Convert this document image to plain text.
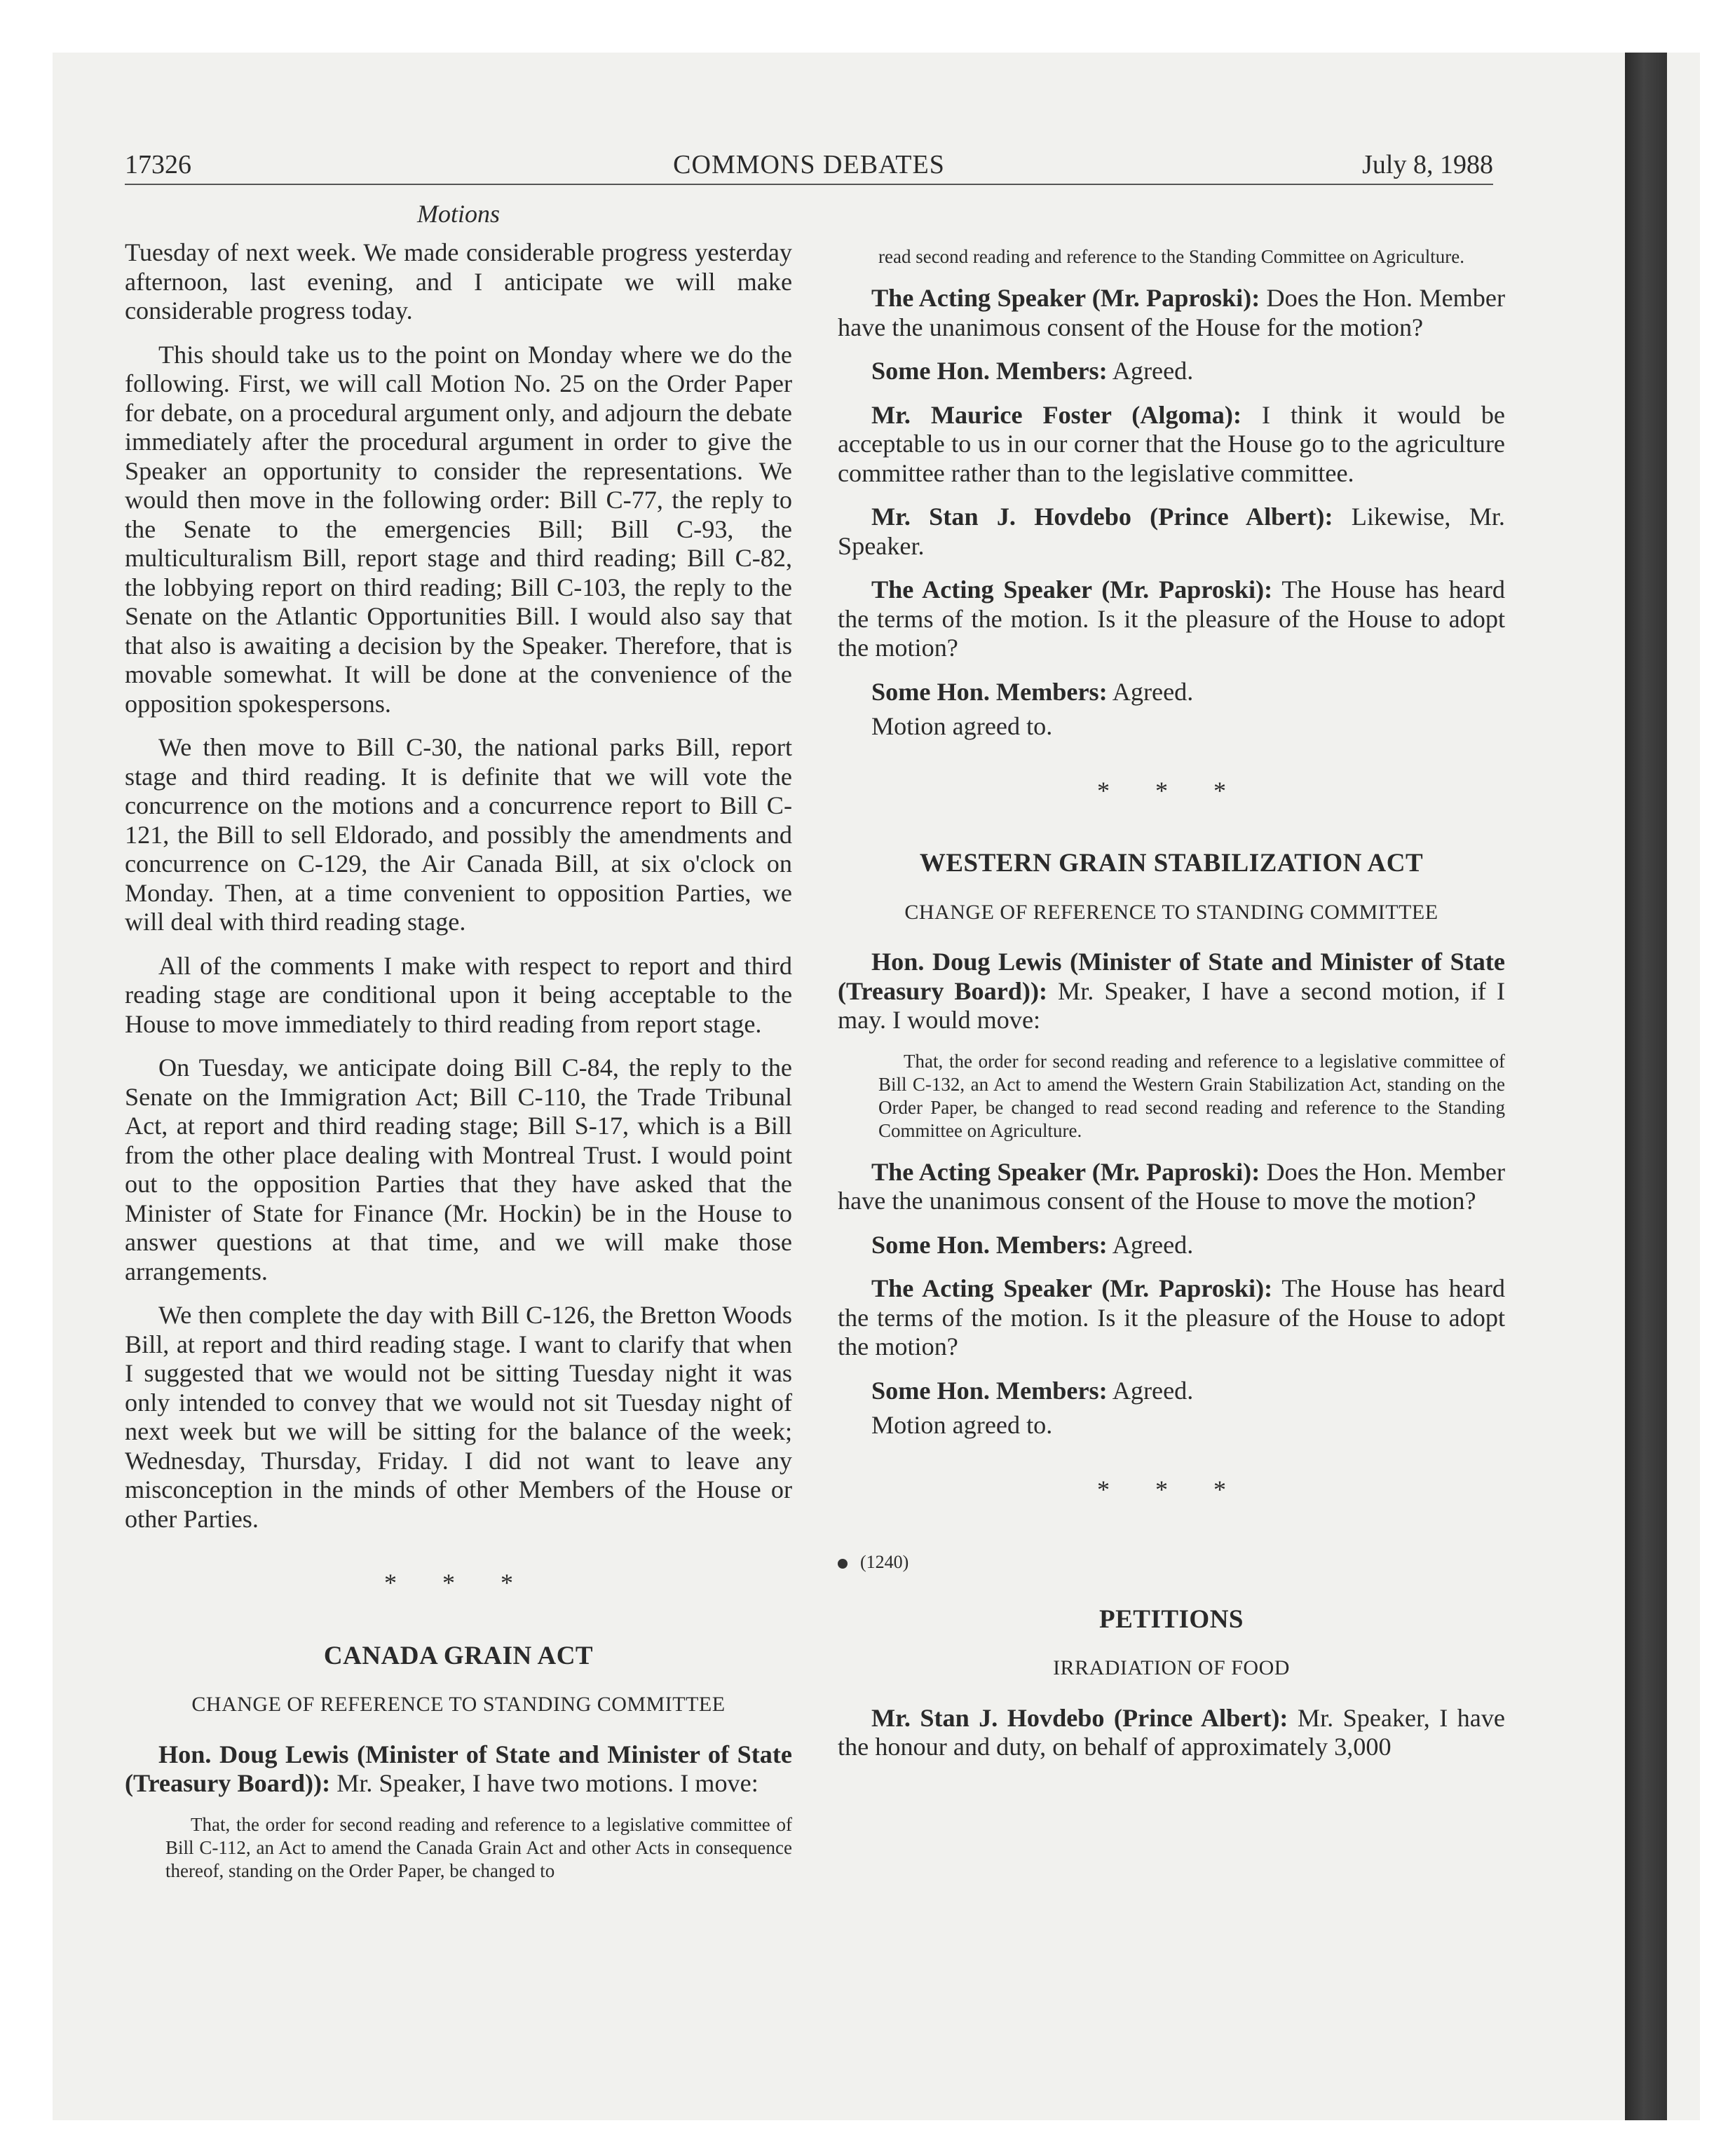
17326	COMMONS DEBATES	July 8, 1988
Motions

Tuesday of next week. We made considerable progress yesterday afternoon, last evening, and I anticipate we will make considerable progress today.

This should take us to the point on Monday where we do the following. First, we will call Motion No. 25 on the Order Paper for debate, on a procedural argument only, and adjourn the debate immediately after the procedural argument in order to give the Speaker an opportunity to consider the representations. We would then move in the following order: Bill C-77, the reply to the Senate to the emergencies Bill; Bill C-93, the multiculturalism Bill, report stage and third reading; Bill C-82, the lobbying report on third reading; Bill C-103, the reply to the Senate on the Atlantic Opportunities Bill. I would also say that that also is awaiting a decision by the Speaker. Therefore, that is movable somewhat. It will be done at the convenience of the opposition spokespersons.

We then move to Bill C-30, the national parks Bill, report stage and third reading. It is definite that we will vote the concurrence on the motions and a concurrence report to Bill C-121, the Bill to sell Eldorado, and possibly the amendments and concurrence on C-129, the Air Canada Bill, at six o'clock on Monday. Then, at a time convenient to opposition Parties, we will deal with third reading stage.

All of the comments I make with respect to report and third reading stage are conditional upon it being acceptable to the House to move immediately to third reading from report stage.

On Tuesday, we anticipate doing Bill C-84, the reply to the Senate on the Immigration Act; Bill C-110, the Trade Tribunal Act, at report and third reading stage; Bill S-17, which is a Bill from the other place dealing with Montreal Trust. I would point out to the opposition Parties that they have asked that the Minister of State for Finance (Mr. Hockin) be in the House to answer questions at that time, and we will make those arrangements.

We then complete the day with Bill C-126, the Bretton Woods Bill, at report and third reading stage. I want to clarify that when I suggested that we would not be sitting Tuesday night it was only intended to convey that we would not sit Tuesday night of next week but we will be sitting for the balance of the week; Wednesday, Thursday, Friday. I did not want to leave any misconception in the minds of other Members of the House or other Parties.

* * *

CANADA GRAIN ACT
CHANGE OF REFERENCE TO STANDING COMMITTEE

Hon. Doug Lewis (Minister of State and Minister of State (Treasury Board)): Mr. Speaker, I have two motions. I move:

That, the order for second reading and reference to a legislative committee of Bill C-112, an Act to amend the Canada Grain Act and other Acts in consequence thereof, standing on the Order Paper, be changed to

read second reading and reference to the Standing Committee on Agriculture.

The Acting Speaker (Mr. Paproski): Does the Hon. Member have the unanimous consent of the House for the motion?

Some Hon. Members: Agreed.

Mr. Maurice Foster (Algoma): I think it would be acceptable to us in our corner that the House go to the agriculture committee rather than to the legislative committee.

Mr. Stan J. Hovdebo (Prince Albert): Likewise, Mr. Speaker.

The Acting Speaker (Mr. Paproski): The House has heard the terms of the motion. Is it the pleasure of the House to adopt the motion?

Some Hon. Members: Agreed.

Motion agreed to.

* * *

WESTERN GRAIN STABILIZATION ACT
CHANGE OF REFERENCE TO STANDING COMMITTEE

Hon. Doug Lewis (Minister of State and Minister of State (Treasury Board)): Mr. Speaker, I have a second motion, if I may. I would move:

That, the order for second reading and reference to a legislative committee of Bill C-132, an Act to amend the Western Grain Stabilization Act, standing on the Order Paper, be changed to read second reading and reference to the Standing Committee on Agriculture.

The Acting Speaker (Mr. Paproski): Does the Hon. Member have the unanimous consent of the House to move the motion?

Some Hon. Members: Agreed.

The Acting Speaker (Mr. Paproski): The House has heard the terms of the motion. Is it the pleasure of the House to adopt the motion?

Some Hon. Members: Agreed.

Motion agreed to.

* * *

(1240)

PETITIONS
IRRADIATION OF FOOD

Mr. Stan J. Hovdebo (Prince Albert): Mr. Speaker, I have the honour and duty, on behalf of approximately 3,000
